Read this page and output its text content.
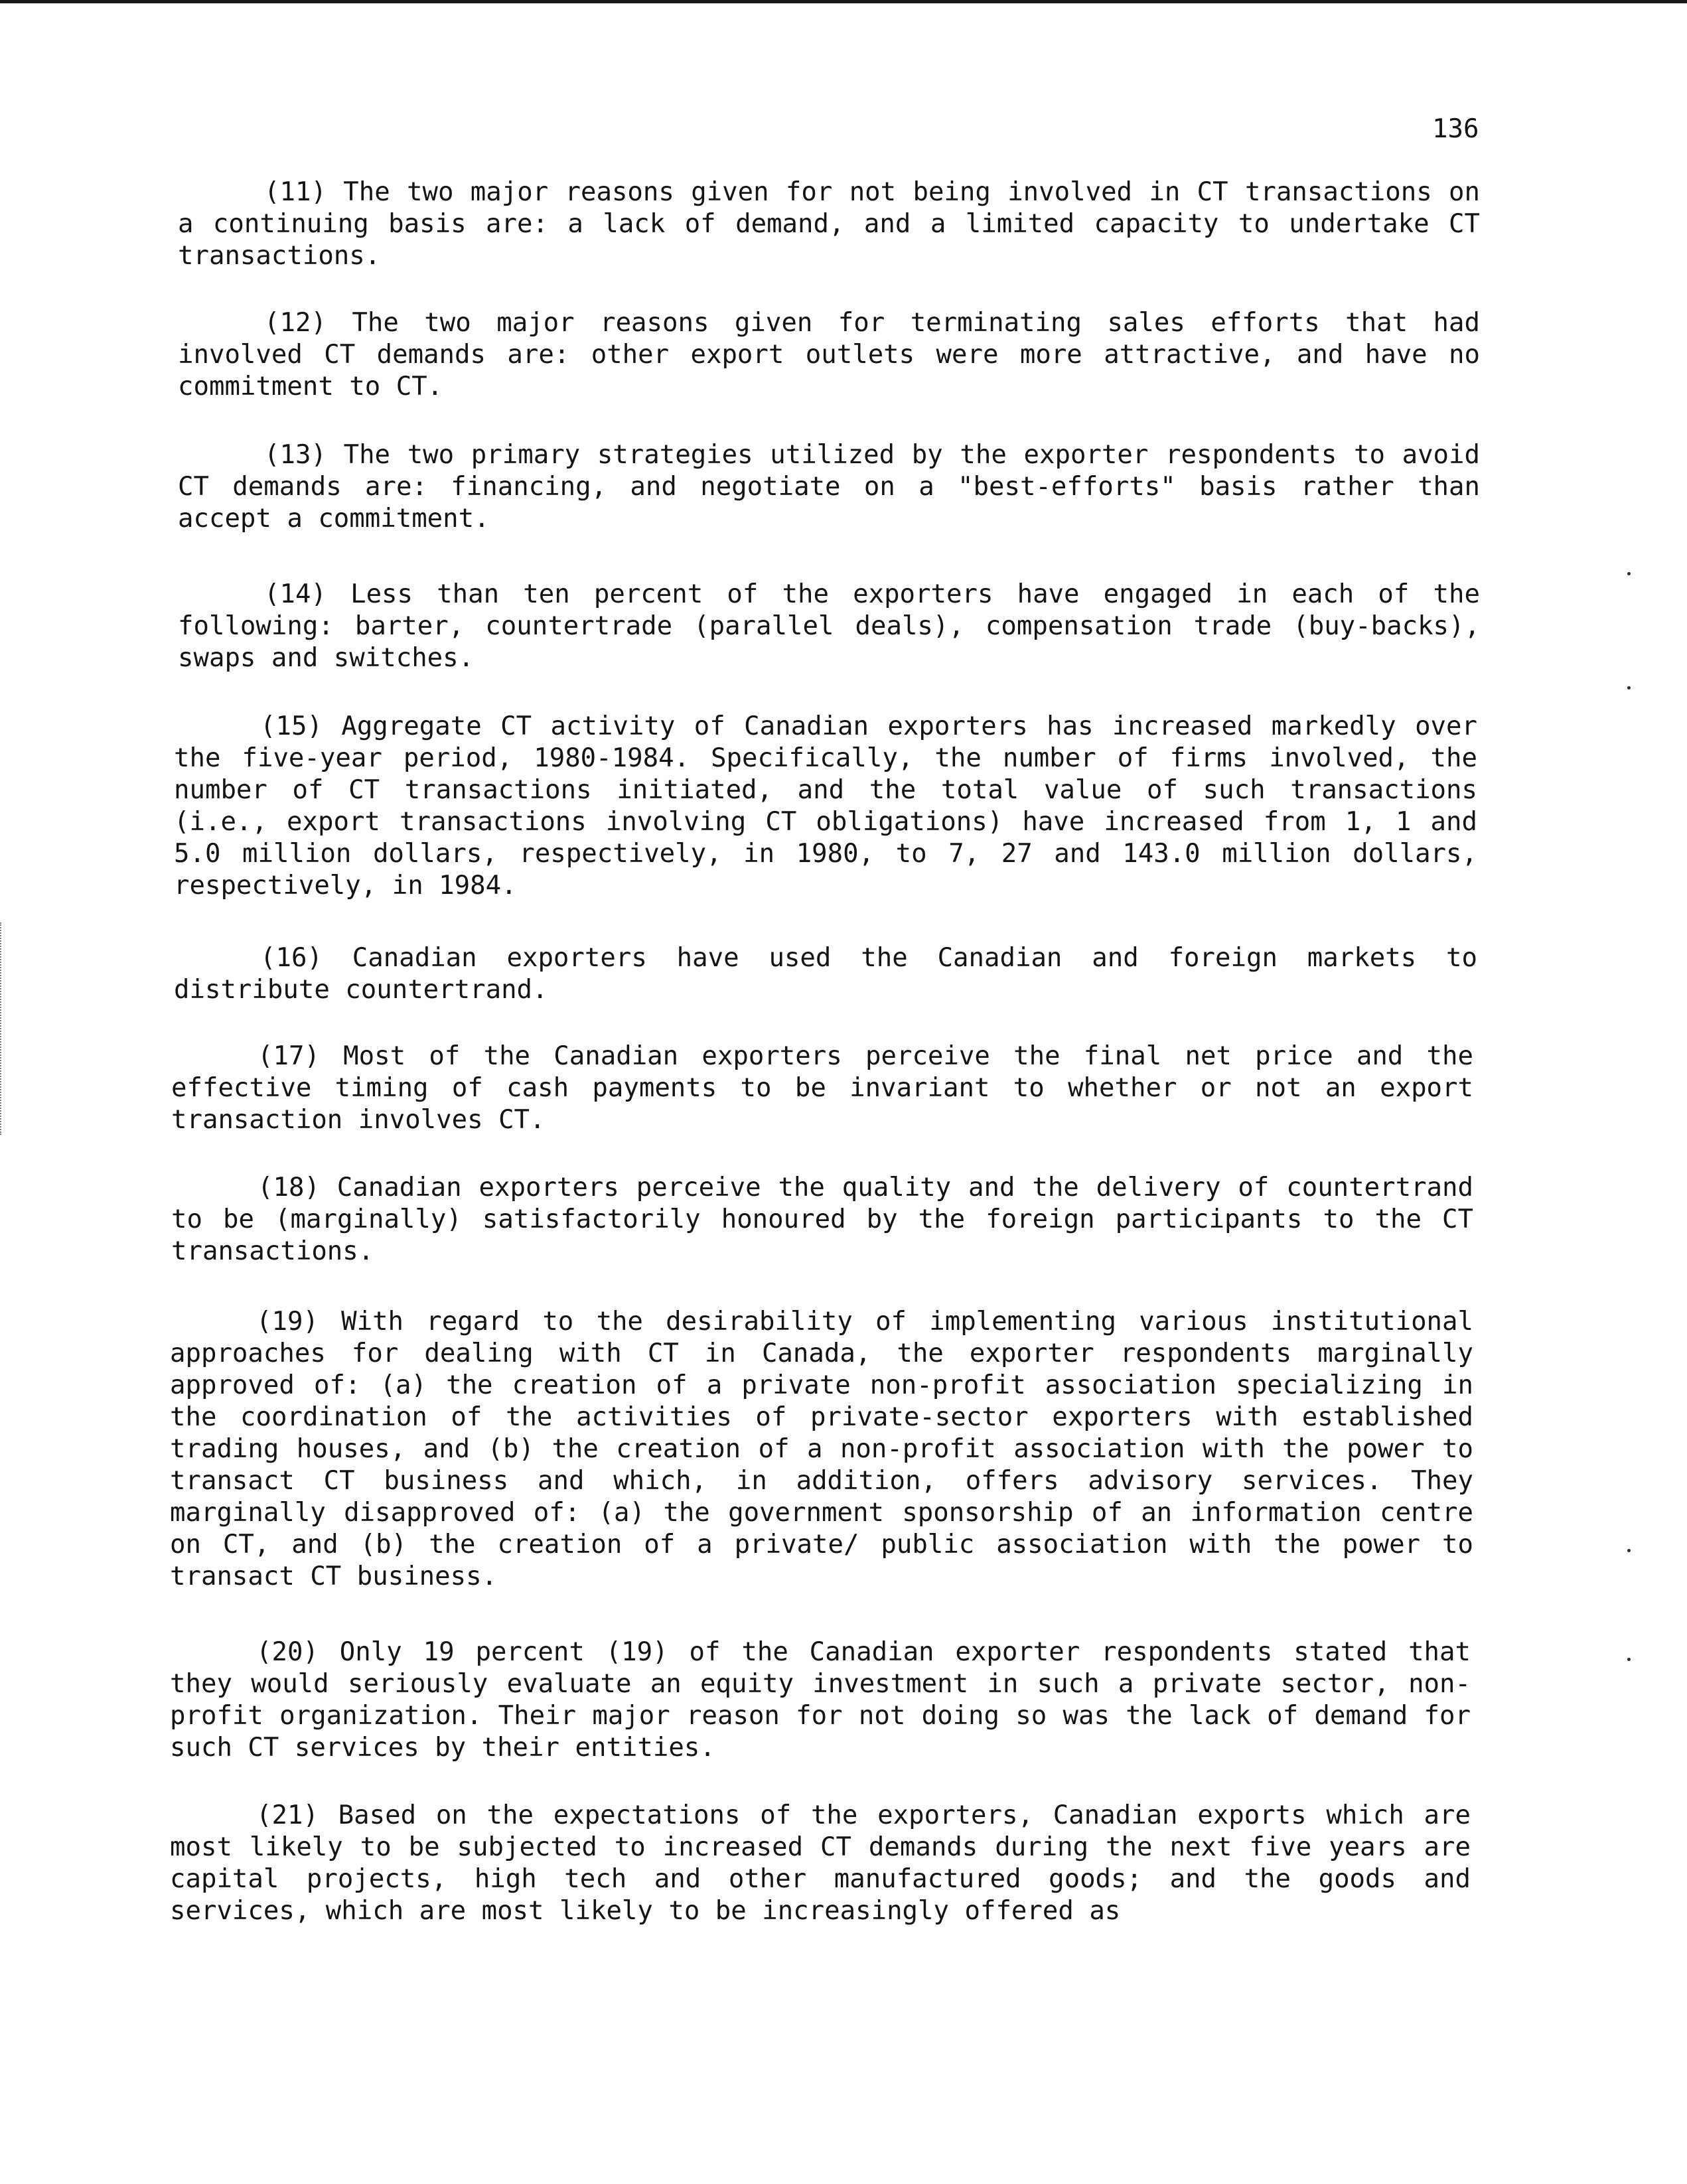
136

(11) The two major reasons given for not being involved in CT transactions on a continuing basis are: a lack of demand, and a limited capacity to undertake CT transactions.

(12) The two major reasons given for terminating sales efforts that had involved CT demands are: other export outlets were more attractive, and have no commitment to CT.

(13) The two primary strategies utilized by the exporter respondents to avoid CT demands are: financing, and negotiate on a "best-efforts" basis rather than accept a commitment.

(14) Less than ten percent of the exporters have engaged in each of the following: barter, countertrade (parallel deals), compensation trade (buy-backs), swaps and switches.

(15) Aggregate CT activity of Canadian exporters has increased markedly over the five-year period, 1980-1984. Specifically, the number of firms involved, the number of CT transactions initiated, and the total value of such transactions (i.e., export transactions involving CT obligations) have increased from 1, 1 and 5.0 million dollars, respectively, in 1980, to 7, 27 and 143.0 million dollars, respectively, in 1984.

(16) Canadian exporters have used the Canadian and foreign markets to distribute countertrand.

(17) Most of the Canadian exporters perceive the final net price and the effective timing of cash payments to be invariant to whether or not an export transaction involves CT.

(18) Canadian exporters perceive the quality and the delivery of countertrand to be (marginally) satisfactorily honoured by the foreign participants to the CT transactions.

(19) With regard to the desirability of implementing various institutional approaches for dealing with CT in Canada, the exporter respondents marginally approved of: (a) the creation of a private non-profit association specializing in the coordination of the activities of private-sector exporters with established trading houses, and (b) the creation of a non-profit association with the power to transact CT business and which, in addition, offers advisory services. They marginally disapproved of: (a) the government sponsorship of an information centre on CT, and (b) the creation of a private/ public association with the power to transact CT business.

(20) Only 19 percent (19) of the Canadian exporter respondents stated that they would seriously evaluate an equity investment in such a private sector, non-profit organization. Their major reason for not doing so was the lack of demand for such CT services by their entities.

(21) Based on the expectations of the exporters, Canadian exports which are most likely to be subjected to increased CT demands during the next five years are capital projects, high tech and other manufactured goods; and the goods and services, which are most likely to be increasingly offered as
